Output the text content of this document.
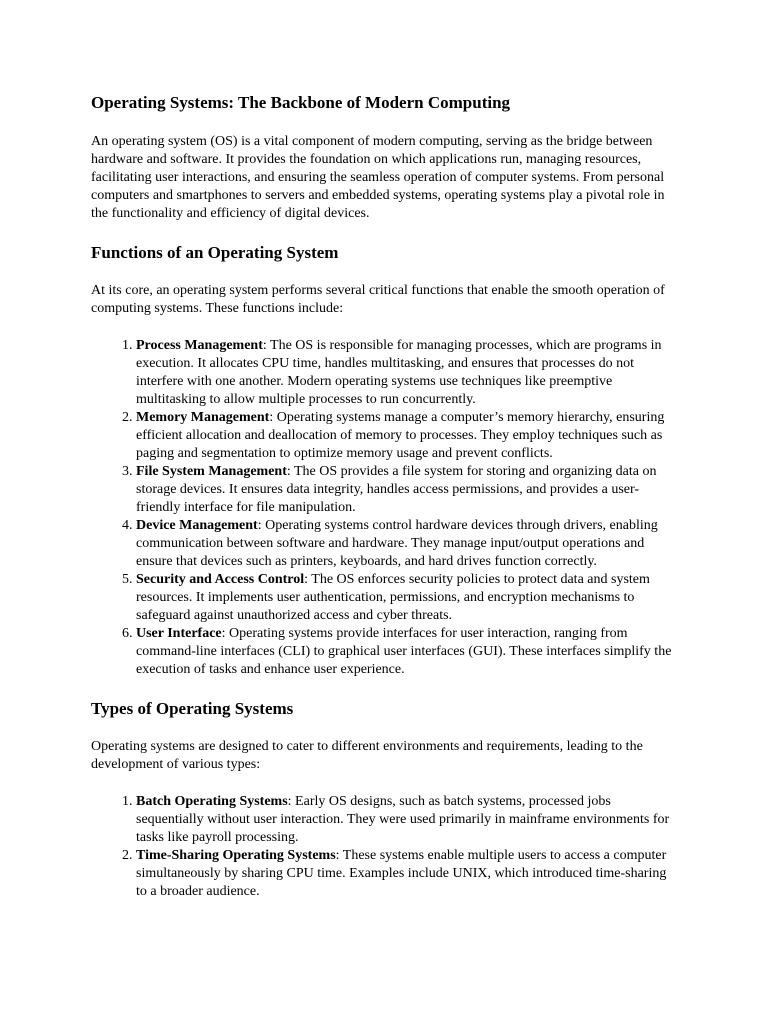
Operating Systems: The Backbone of Modern Computing

An operating system (OS) is a vital component of modern computing, serving as the bridge between hardware and software. It provides the foundation on which applications run, managing resources, facilitating user interactions, and ensuring the seamless operation of computer systems. From personal computers and smartphones to servers and embedded systems, operating systems play a pivotal role in the functionality and efficiency of digital devices.

Functions of an Operating System

At its core, an operating system performs several critical functions that enable the smooth operation of computing systems. These functions include:

1. Process Management: The OS is responsible for managing processes, which are programs in execution. It allocates CPU time, handles multitasking, and ensures that processes do not interfere with one another. Modern operating systems use techniques like preemptive multitasking to allow multiple processes to run concurrently.
2. Memory Management: Operating systems manage a computer’s memory hierarchy, ensuring efficient allocation and deallocation of memory to processes. They employ techniques such as paging and segmentation to optimize memory usage and prevent conflicts.
3. File System Management: The OS provides a file system for storing and organizing data on storage devices. It ensures data integrity, handles access permissions, and provides a user-friendly interface for file manipulation.
4. Device Management: Operating systems control hardware devices through drivers, enabling communication between software and hardware. They manage input/output operations and ensure that devices such as printers, keyboards, and hard drives function correctly.
5. Security and Access Control: The OS enforces security policies to protect data and system resources. It implements user authentication, permissions, and encryption mechanisms to safeguard against unauthorized access and cyber threats.
6. User Interface: Operating systems provide interfaces for user interaction, ranging from command-line interfaces (CLI) to graphical user interfaces (GUI). These interfaces simplify the execution of tasks and enhance user experience.
Types of Operating Systems

Operating systems are designed to cater to different environments and requirements, leading to the development of various types:

1. Batch Operating Systems: Early OS designs, such as batch systems, processed jobs sequentially without user interaction. They were used primarily in mainframe environments for tasks like payroll processing.
2. Time-Sharing Operating Systems: These systems enable multiple users to access a computer simultaneously by sharing CPU time. Examples include UNIX, which introduced time-sharing to a broader audience.
